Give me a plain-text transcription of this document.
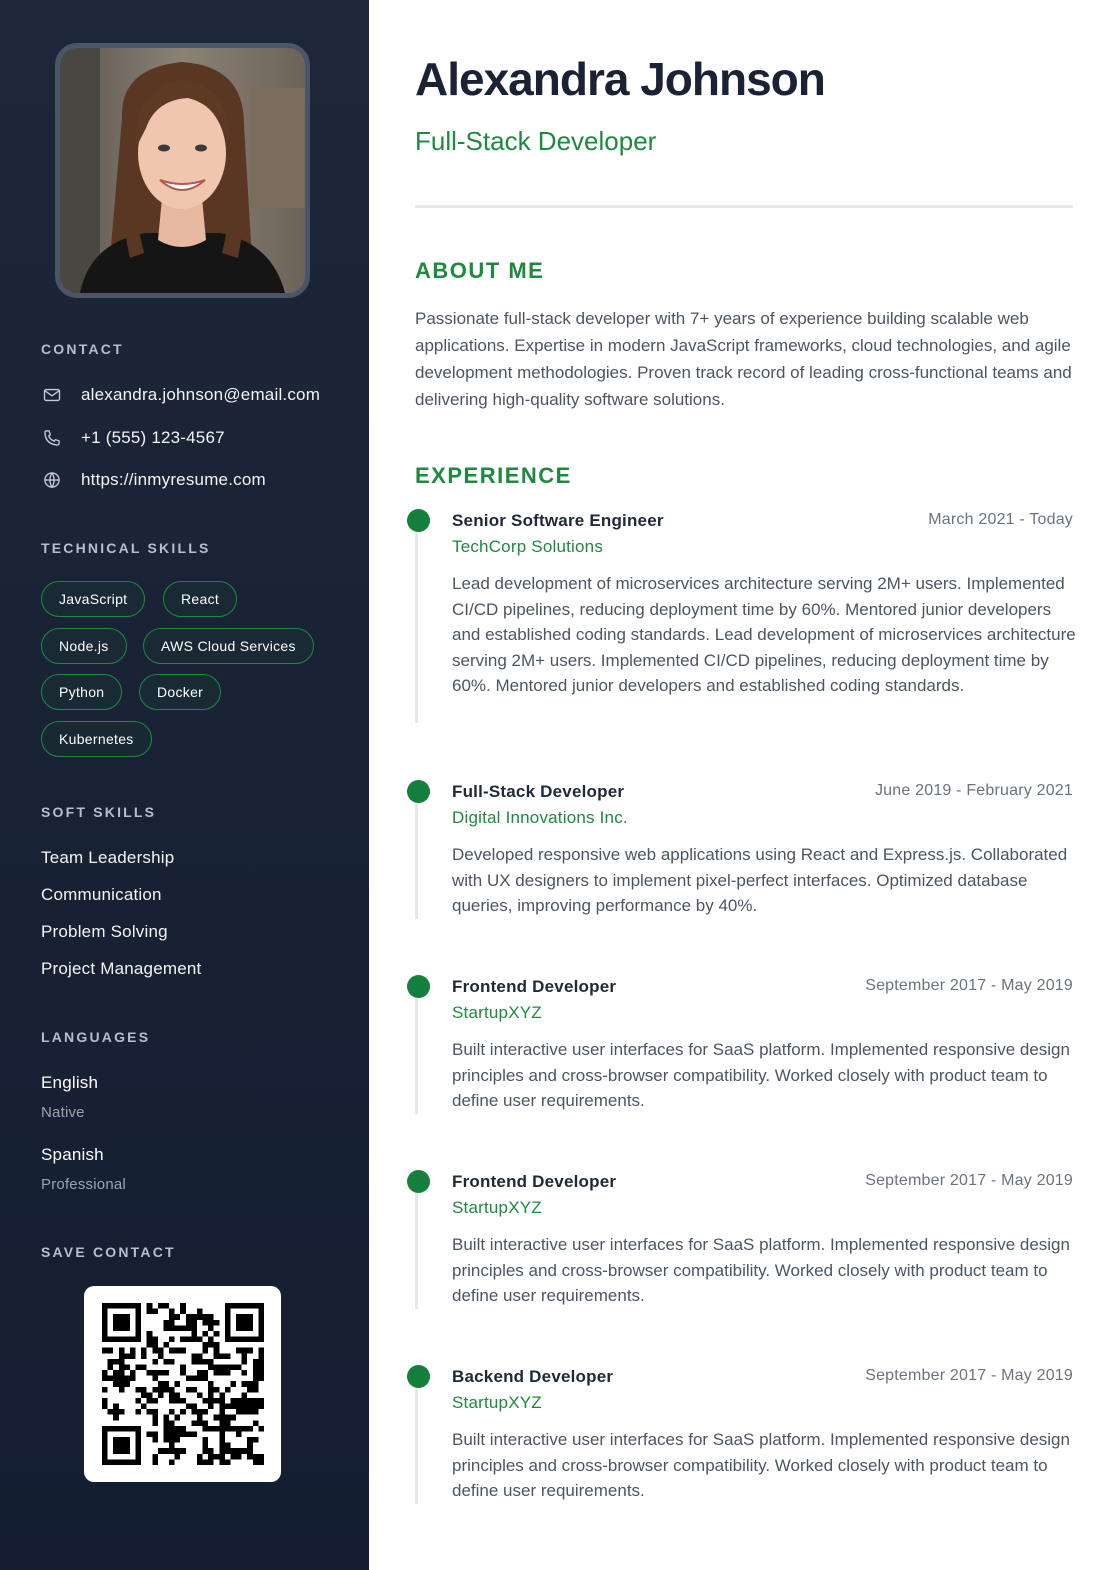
CONTACT
alexandra.johnson@email.com
+1 (555) 123-4567
https://inmyresume.com
TECHNICAL SKILLS
JavaScript	React
Node.js	AWS Cloud Services
Python	Docker
Kubernetes
SOFT SKILLS
Team Leadership
Communication
Problem Solving
Project Management
LANGUAGES
English
Native
Spanish
Professional
SAVE CONTACT
Alexandra Johnson
Full-Stack Developer
ABOUT ME

Passionate full-stack developer with 7+ years of experience building scalable web applications. Expertise in modern JavaScript frameworks, cloud technologies, and agile development methodologies. Proven track record of leading cross-functional teams and delivering high-quality software solutions.

EXPERIENCE
Senior Software Engineer	March 2021 - Today
TechCorp Solutions
Lead development of microservices architecture serving 2M+ users. Implemented CI/CD pipelines, reducing deployment time by 60%. Mentored junior developers and established coding standards. Lead development of microservices architecture serving 2M+ users. Implemented CI/CD pipelines, reducing deployment time by 60%. Mentored junior developers and established coding standards.
Full-Stack Developer	June 2019 - February 2021
Digital Innovations Inc.
Developed responsive web applications using React and Express.js. Collaborated with UX designers to implement pixel-perfect interfaces. Optimized database queries, improving performance by 40%.
Frontend Developer	September 2017 - May 2019
StartupXYZ
Built interactive user interfaces for SaaS platform. Implemented responsive design principles and cross-browser compatibility. Worked closely with product team to define user requirements.
Frontend Developer	September 2017 - May 2019
StartupXYZ
Built interactive user interfaces for SaaS platform. Implemented responsive design principles and cross-browser compatibility. Worked closely with product team to define user requirements.
Backend Developer	September 2017 - May 2019
StartupXYZ
Built interactive user interfaces for SaaS platform. Implemented responsive design principles and cross-browser compatibility. Worked closely with product team to define user requirements.
